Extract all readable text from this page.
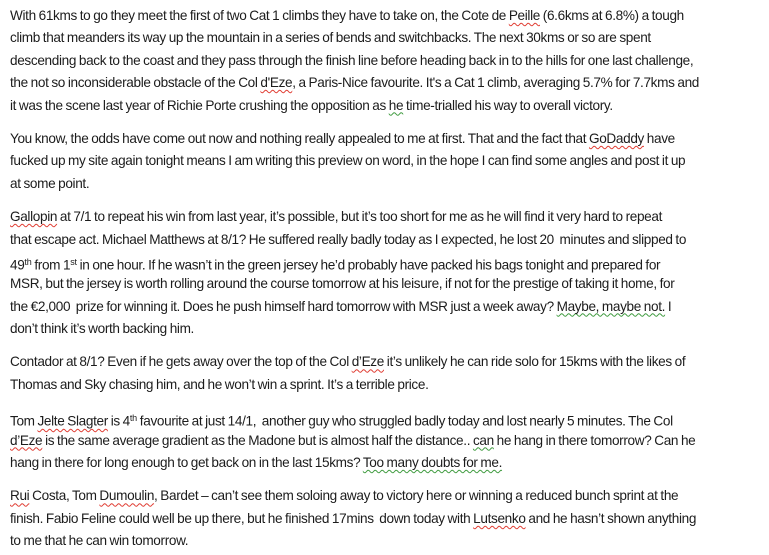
With 61kms to go they meet the first of two Cat 1 climbs they have to take on, the Cote de Peille (6.6kms at 6.8%) a tough
climb that meanders its way up the mountain in a series of bends and switchbacks. The next 30kms or so are spent
descending back to the coast and they pass through the finish line before heading back in to the hills for one last challenge,
the not so inconsiderable obstacle of the Col d'Eze, a Paris-Nice favourite. It's a Cat 1 climb, averaging 5.7% for 7.7kms and
it was the scene last year of Richie Porte crushing the opposition as he time-trialled his way to overall victory.
You know, the odds have come out now and nothing really appealed to me at first. That and the fact that GoDaddy have
fucked up my site again tonight means I am writing this preview on word, in the hope I can find some angles and post it up
at some point.
Gallopin at 7/1 to repeat his win from last year, it’s possible, but it’s too short for me as he will find it very hard to repeat
that escape act. Michael Matthews at 8/1? He suffered really badly today as I expected, he lost 20  minutes and slipped to
49th from 1st in one hour. If he wasn’t in the green jersey he’d probably have packed his bags tonight and prepared for
MSR, but the jersey is worth rolling around the course tomorrow at his leisure, if not for the prestige of taking it home, for
the €2,000  prize for winning it. Does he push himself hard tomorrow with MSR just a week away? Maybe, maybe not. I
don’t think it’s worth backing him.
Contador at 8/1? Even if he gets away over the top of the Col d’Eze it’s unlikely he can ride solo for 15kms with the likes of
Thomas and Sky chasing him, and he won’t win a sprint. It’s a terrible price.
Tom Jelte Slagter is 4th favourite at just 14/1,  another guy who struggled badly today and lost nearly 5 minutes. The Col
d’Eze is the same average gradient as the Madone but is almost half the distance.. can he hang in there tomorrow? Can he
hang in there for long enough to get back on in the last 15kms? Too many doubts for me.
Rui Costa, Tom Dumoulin, Bardet – can’t see them soloing away to victory here or winning a reduced bunch sprint at the
finish. Fabio Feline could well be up there, but he finished 17mins  down today with Lutsenko and he hasn’t shown anything
to me that he can win tomorrow.
